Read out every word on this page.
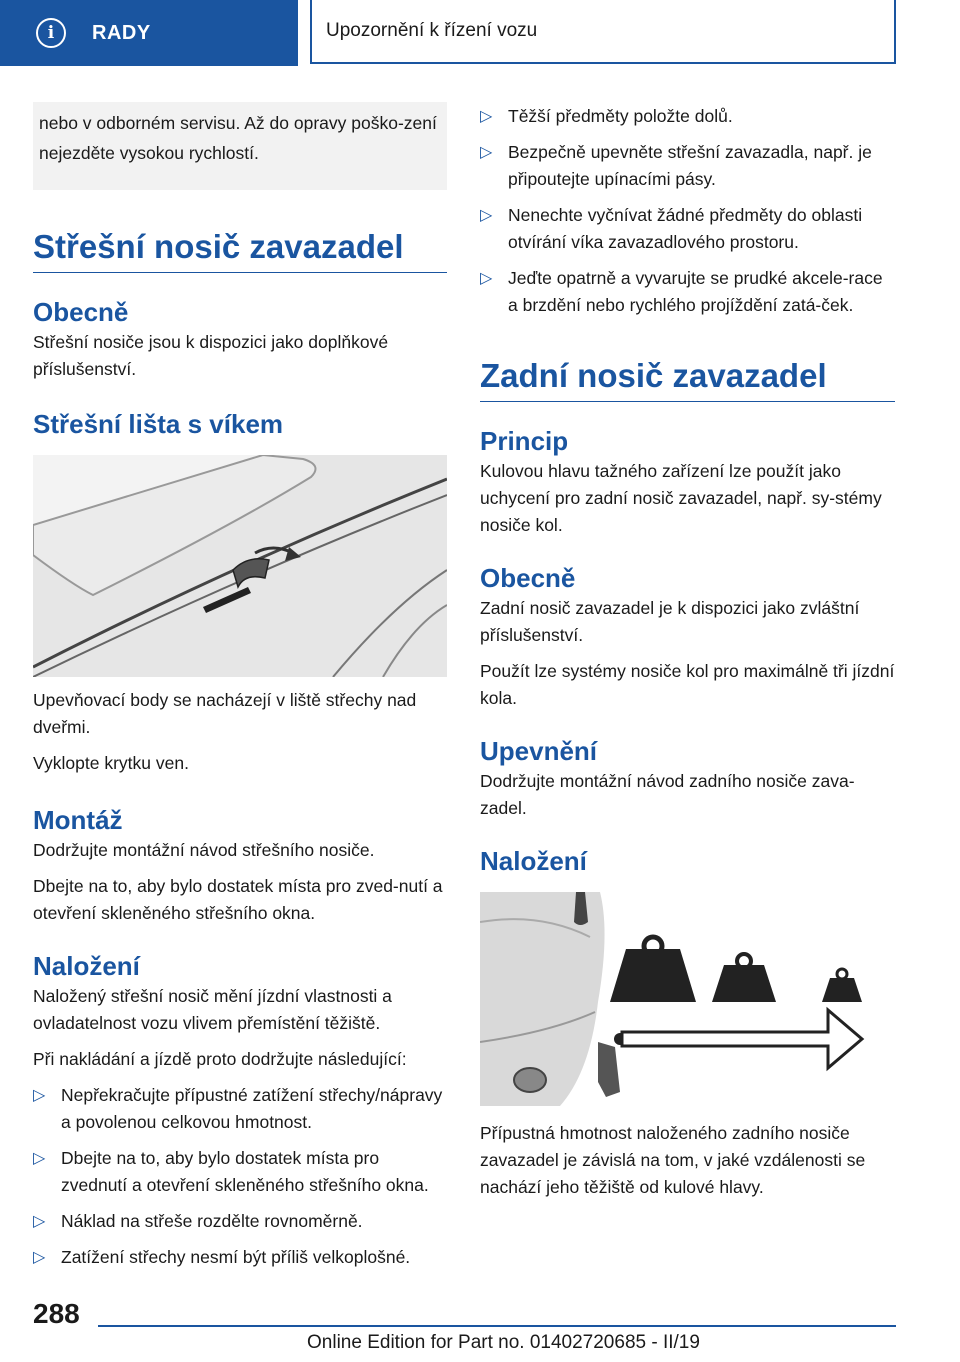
i	RADY	Upozornění k řízení vozu
nebo v odborném servisu. Až do opravy poško‐zení nejezděte vysokou rychlostí.
Střešní nosič zavazadel
Obecně

Střešní nosiče jsou k dispozici jako doplňkové příslušenství.

Střešní lišta s víkem

Upevňovací body se nacházejí v liště střechy nad dveřmi.

Vyklopte krytku ven.

Montáž

Dodržujte montážní návod střešního nosiče.

Dbejte na to, aby bylo dostatek místa pro zved‐nutí a otevření skleněného střešního okna.

Naložení

Naložený střešní nosič mění jízdní vlastnosti a ovladatelnost vozu vlivem přemístění těžiště.

Při nakládání a jízdě proto dodržujte následující:

▷ Nepřekračujte přípustné zatížení střechy/nápravy a povolenou celkovou hmotnost.
▷ Dbejte na to, aby bylo dostatek místa pro zvednutí a otevření skleněného střešního okna.
▷ Náklad na střeše rozdělte rovnoměrně.
▷ Zatížení střechy nesmí být příliš velkoplošné.
▷ Těžší předměty položte dolů.
▷ Bezpečně upevněte střešní zavazadla, např. je připoutejte upínacími pásy.
▷ Nenechte vyčnívat žádné předměty do oblasti otvírání víka zavazadlového prostoru.
▷ Jeďte opatrně a vyvarujte se prudké akcele‐race a brzdění nebo rychlého projíždění zatá‐ček.
Zadní nosič zavazadel
Princip

Kulovou hlavu tažného zařízení lze použít jako uchycení pro zadní nosič zavazadel, např. sy‐stémy nosiče kol.

Obecně

Zadní nosič zavazadel je k dispozici jako zvláštní příslušenství.

Použít lze systémy nosiče kol pro maximálně tři jízdní kola.

Upevnění

Dodržujte montážní návod zadního nosiče zava‐zadel.

Naložení

Přípustná hmotnost naloženého zadního nosiče zavazadel je závislá na tom, v jaké vzdálenosti se nachází jeho těžiště od kulové hlavy.

288
Online Edition for Part no. 01402720685 - II/19
